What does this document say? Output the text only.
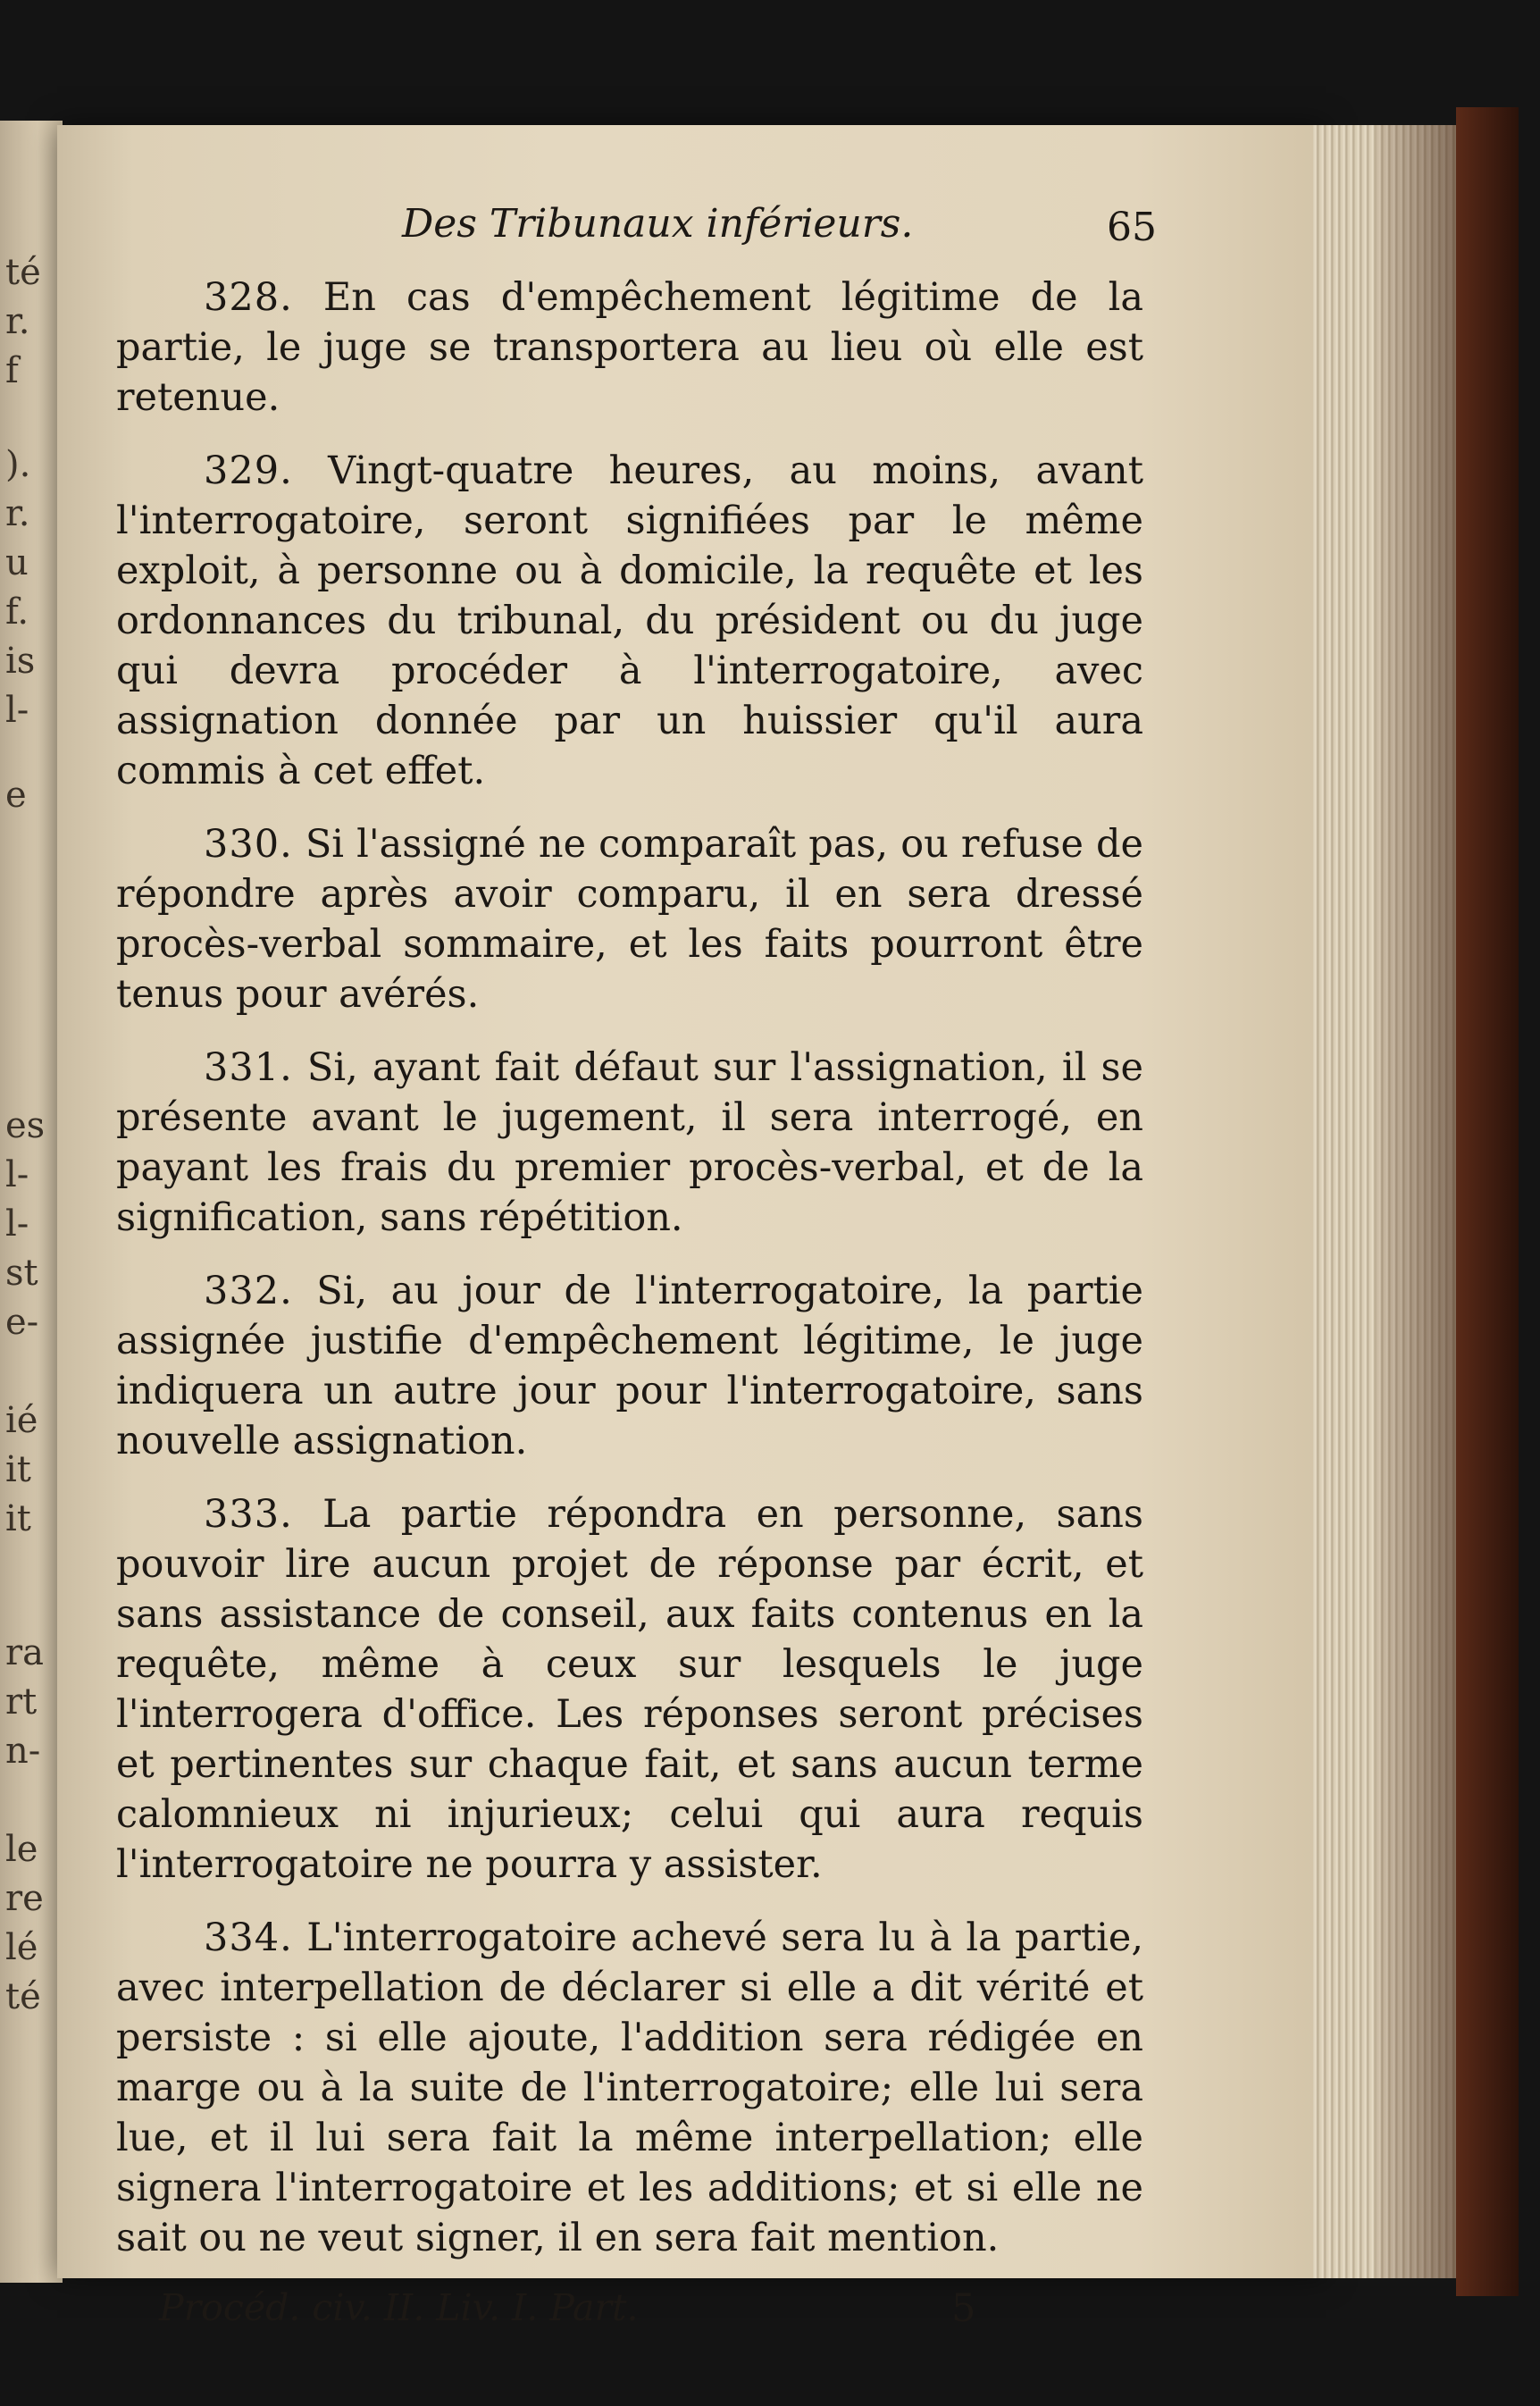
té
r.
f
).
r.
u
f.
is
l-
e
es
l-
l-
st
e-
ié
it
it
ra
rt
n-
le
re
lé
té
Des Tribunaux inférieurs.	65

328. En cas d'empêchement légitime de la partie, le juge se transportera au lieu où elle est retenue.

329. Vingt-quatre heures, au moins, avant l'interrogatoire, seront signifiées par le même exploit, à personne ou à domicile, la requête et les ordonnances du tribunal, du président ou du juge qui devra procéder à l'interrogatoire, avec assignation donnée par un huissier qu'il aura commis à cet effet.

330. Si l'assigné ne comparaît pas, ou refuse de répondre après avoir comparu, il en sera dressé procès-verbal sommaire, et les faits pourront être tenus pour avérés.

331. Si, ayant fait défaut sur l'assignation, il se présente avant le jugement, il sera interrogé, en payant les frais du premier procès-verbal, et de la signification, sans répétition.

332. Si, au jour de l'interrogatoire, la partie assignée justifie d'empêchement légitime, le juge indiquera un autre jour pour l'interrogatoire, sans nouvelle assignation.

333. La partie répondra en personne, sans pouvoir lire aucun projet de réponse par écrit, et sans assistance de conseil, aux faits contenus en la requête, même à ceux sur lesquels le juge l'interrogera d'office. Les réponses seront précises et pertinentes sur chaque fait, et sans aucun terme calomnieux ni injurieux; celui qui aura requis l'interrogatoire ne pourra y assister.

334. L'interrogatoire achevé sera lu à la partie, avec interpellation de déclarer si elle a dit vérité et persiste : si elle ajoute, l'addition sera rédigée en marge ou à la suite de l'interrogatoire; elle lui sera lue, et il lui sera fait la même interpellation; elle signera l'interrogatoire et les additions; et si elle ne sait ou ne veut signer, il en sera fait mention.

Procéd. civ. II. Liv. I. Part.	5
